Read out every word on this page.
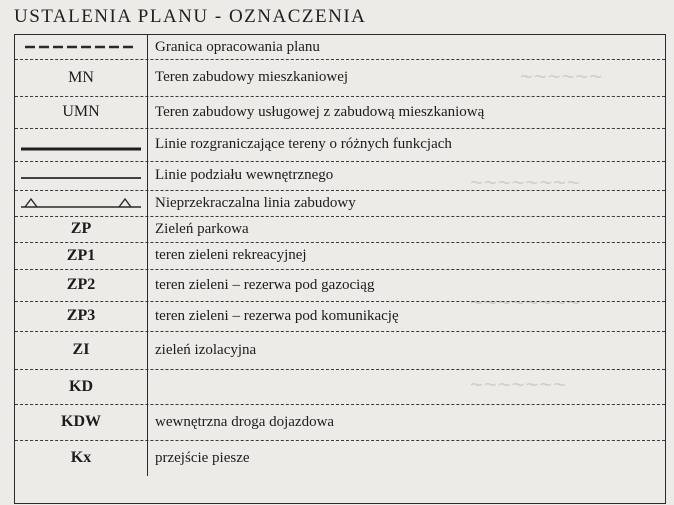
~~~~~~
~~~~~~~~
~~~~~~~~
~~~~~~~
USTALENIA PLANU - OZNACZENIA
Granica opracowania planu
MN	Teren zabudowy mieszkaniowej
UMN	Teren zabudowy usługowej z zabudową mieszkaniową
Linie rozgraniczające tereny o różnych funkcjach
Linie podziału wewnętrznego
Nieprzekraczalna linia zabudowy
ZP	Zieleń parkowa
ZP1	teren zieleni rekreacyjnej
ZP2	teren zieleni – rezerwa pod gazociąg
ZP3	teren zieleni – rezerwa pod komunikację
ZI	zieleń izolacyjna
KD
KDW	wewnętrzna droga dojazdowa
Kx	przejście piesze
